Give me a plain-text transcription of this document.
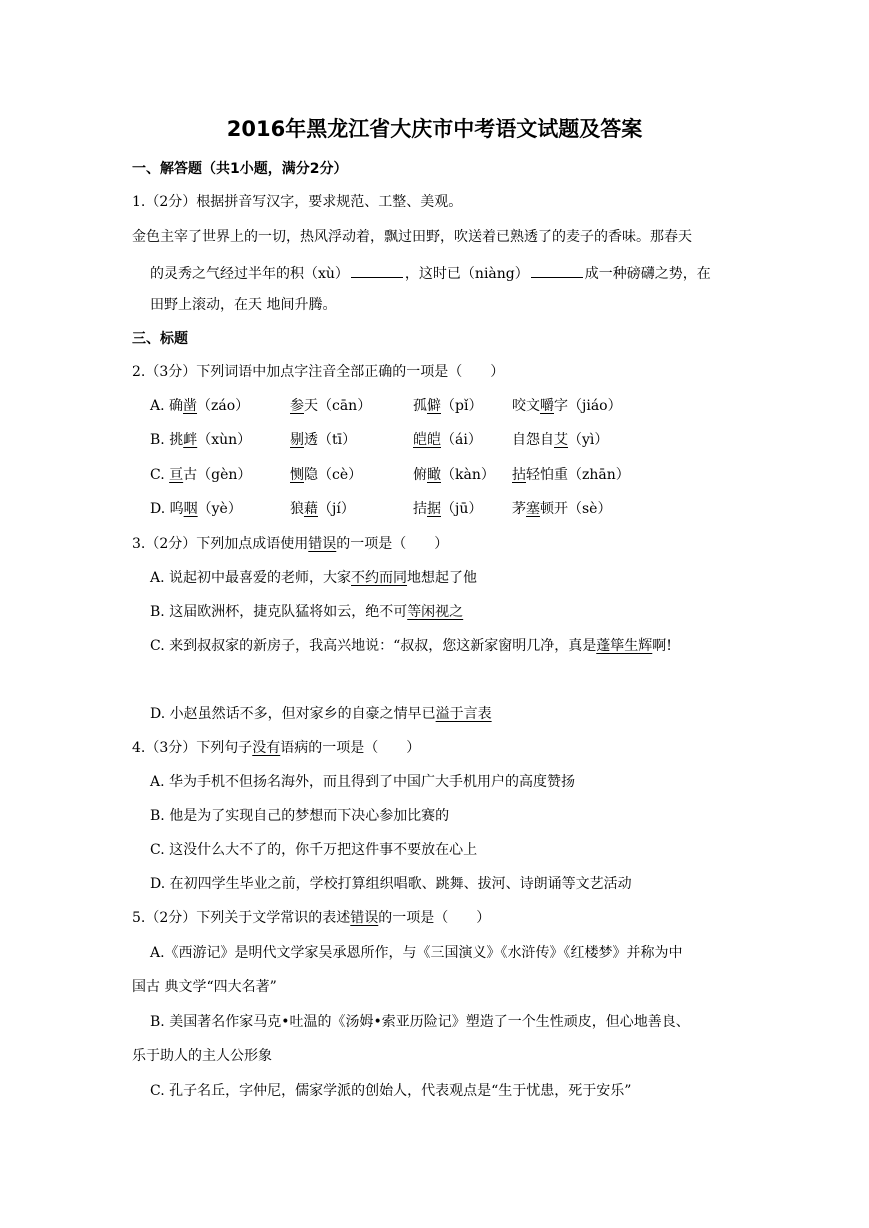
2016年黑龙江省大庆市中考语文试题及答案
一、解答题（共1小题，满分2分）
1.（2分）根据拼音写汉字，要求规范、工整、美观。
金色主宰了世界上的一切，热风浮动着，飘过田野，吹送着已熟透了的麦子的香味。那春天
的灵秀之气经过半年的积（xù）	，这时已（niàng）	成一种磅礴之势，在
田野上滚动，在天 地间升腾。
三、标题
2.（3分）下列词语中加点字注音全部正确的一项是（　　）
A. 确凿（záo）	参天（cān）	孤僻（pǐ） 咬文嚼字（jiáo）
B. 挑衅（xùn）	剔透（tī）	皑皑（ái） 自怨自艾（yì）
C. 亘古（gèn）	恻隐（cè）	俯瞰（kàn） 拈轻怕重（zhān）
D. 呜咽（yè）	狼藉（jí）	拮据（jū） 茅塞顿开（sè）
3.（2分）下列加点成语使用错误的一项是（　　）
A. 说起初中最喜爱的老师，大家不约而同地想起了他
B. 这届欧洲杯，捷克队猛将如云，绝不可等闲视之
C. 来到叔叔家的新房子，我高兴地说：“叔叔，您这新家窗明几净，真是蓬筚生辉啊!
D. 小赵虽然话不多，但对家乡的自豪之情早已溢于言表
4.（3分）下列句子没有语病的一项是（　　）
A. 华为手机不但扬名海外，而且得到了中国广大手机用户的高度赞扬
B. 他是为了实现自己的梦想而下决心参加比赛的
C. 这没什么大不了的，你千万把这件事不要放在心上
D. 在初四学生毕业之前，学校打算组织唱歌、跳舞、拔河、诗朗诵等文艺活动
5.（2分）下列关于文学常识的表述错误的一项是（　　）
A.《西游记》是明代文学家吴承恩所作，与《三国演义》《水浒传》《红楼梦》并称为中
国古 典文学“四大名著”
B. 美国著名作家马克•吐温的《汤姆•索亚历险记》塑造了一个生性顽皮，但心地善良、
乐于助人的主人公形象
C. 孔子名丘，字仲尼，儒家学派的创始人，代表观点是“生于忧患，死于安乐”
